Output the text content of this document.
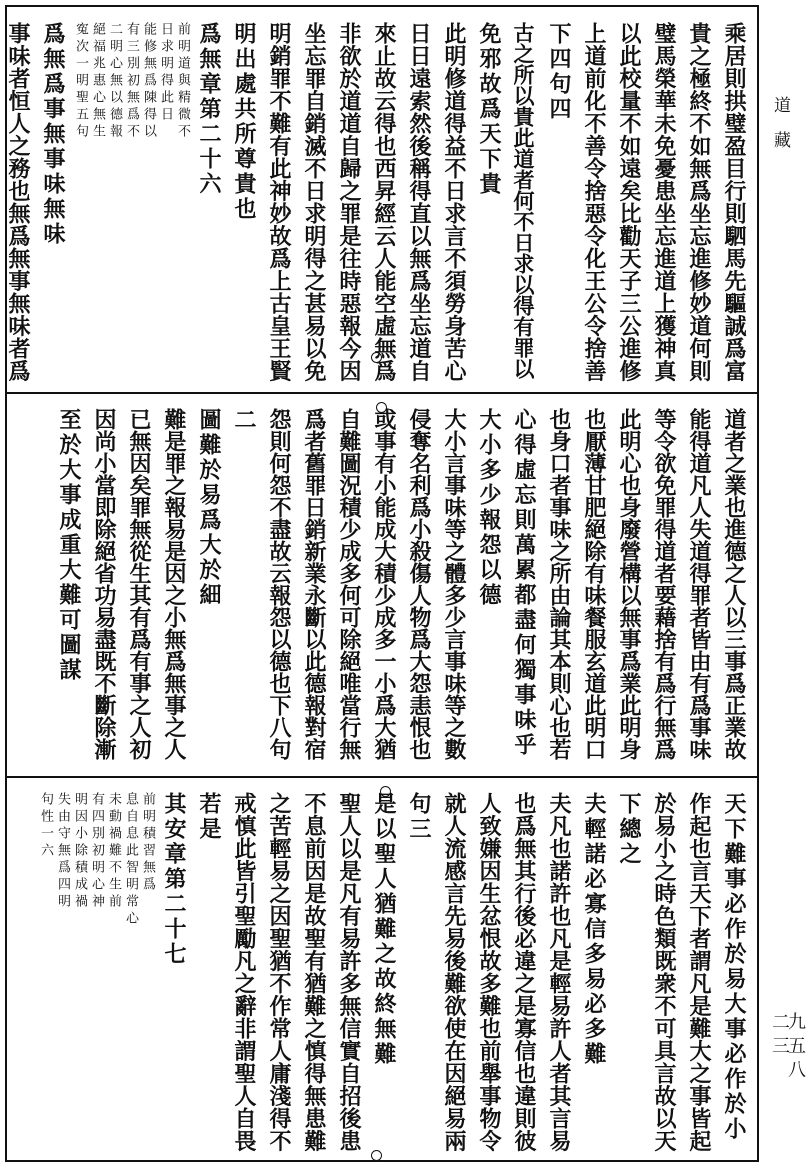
乘居則拱璧盈目行則駟馬先驅誠爲富
貴之極終不如無爲坐忘進修妙道何則
璧馬榮華未免憂患坐忘進道上獲神真
以此校量不如遠矣比勸天子三公進修
上道前化不善令捨惡令化王公令捨善
下四句四
古之所以貴此道者何不日求以得有罪以
免邪故爲天下貴
此明修道得益不日求言不須勞身苦心
日日遠索然後稱得直以無爲坐忘道自
來止故云得也西昇經云人能空虛無爲
非欲於道道自歸之罪是往時惡報今因
坐忘罪自銷滅不日求明得之甚易以免
明銷罪不難有此神妙故爲上古皇王賢
明出處共所尊貴也
爲無章第二十六
前明道與精微不
日求明得此日
能修無爲陳得以
有三別初無爲不
二明心無以德報
絕福兆惠心無生
寃次一明聖五句
爲無爲事無事味無味
事味者恒人之務也無爲無事無味者爲
道者之業也進德之人以三事爲正業故
能得道凡人失道得罪者皆由有爲事味
等令欲免罪得道者要藉捨有爲行無爲
此明心也身廢營構以無事爲業此明身
也厭薄甘肥絕除有味餐服玄道此明口
也身口者事味之所由論其本則心也若
心得虛忘則萬累都盡何獨事味乎
大小多少報怨以德
大小言事味等之體多少言事味等之數
侵奪名利爲小殺傷人物爲大怨恚恨也
或事有小能成大積少成多一小爲大猶
自難圖況積少成多何可除絕唯當行無
爲者舊罪日銷新業永斷以此德報對宿
怨則何怨不盡故云報怨以德也下八句
二
圖難於易爲大於細
難是罪之報易是因之小無爲無事之人
已無因矣罪無從生其有爲有事之人初
因尚小當即除絕省功易盡既不斷除漸
至於大事成重大難可圖謀
天下難事必作於易大事必作於小
作起也言天下者謂凡是難大之事皆起
於易小之時色類既衆不可具言故以天
下總之
夫輕諾必寡信多易必多難
夫凡也諾許也凡是輕易許人者其言易
也爲無其行後必違之是寡信也違則彼
人致嫌因生忿恨故多難也前舉事物令
就人流感言先易後難欲使在因絕易兩
句三
是以聖人猶難之故終無難
聖人以是凡有易許多無信實自招後患
不息前因是故聖有猶難之慎得無患難
之苦輕易之因聖猶不作常人庸淺得不
戒慎此皆引聖勵凡之辭非謂聖人自畏
若是
其安章第二十七
前明積習無爲
息自息此智明常心
未動禍難不生前
有四別初明心神
明因小除積成禍
失由守無爲四明
句性一六
道藏
二三
九五八
